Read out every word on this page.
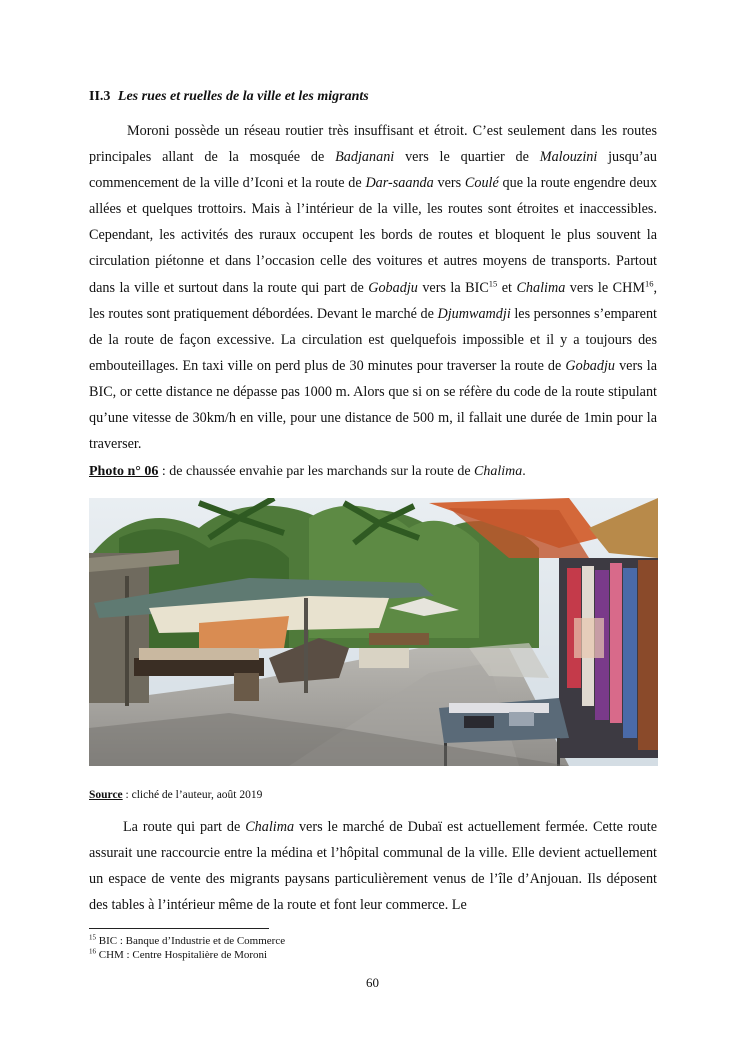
II.3 Les rues et ruelles de la ville et les migrants

Moroni possède un réseau routier très insuffisant et étroit. C’est seulement dans les routes principales allant de la mosquée de Badjanani vers le quartier de Malouzini jusqu’au commencement de la ville d’Iconi et la route de Dar-saanda vers Coulé que la route engendre deux allées et quelques trottoirs. Mais à l’intérieur de la ville, les routes sont étroites et inaccessibles. Cependant, les activités des ruraux occupent les bords de routes et bloquent le plus souvent la circulation piétonne et dans l’occasion celle des voitures et autres moyens de transports. Partout dans la ville et surtout dans la route qui part de Gobadju vers la BIC$^{15}$ et Chalima vers le CHM$^{16}$, les routes sont pratiquement débordées. Devant le marché de Djumwamdji les personnes s’emparent de la route de façon excessive. La circulation est quelquefois impossible et il y a toujours des embouteillages. En taxi ville on perd plus de 30 minutes pour traverser la route de Gobadju vers la BIC, or cette distance ne dépasse pas 1000 m. Alors que si on se réfère du code de la route stipulant qu’une vitesse de 30km/h en ville, pour une distance de 500 m, il fallait une durée de 1min pour la traverser.

Photo n° 06 : de chaussée envahie par les marchands sur la route de Chalima.
Source : cliché de l’auteur, août 2019

La route qui part de Chalima vers le marché de Dubaï est actuellement fermée. Cette route assurait une raccourcie entre la médina et l’hôpital communal de la ville. Elle devient actuellement un espace de vente des migrants paysans particulièrement venus de l’île d’Anjouan. Ils déposent des tables à l’intérieur même de la route et font leur commerce. Le

$^{15}$ BIC : Banque d’Industrie et de Commerce
$^{16}$ CHM : Centre Hospitalière de Moroni
60
